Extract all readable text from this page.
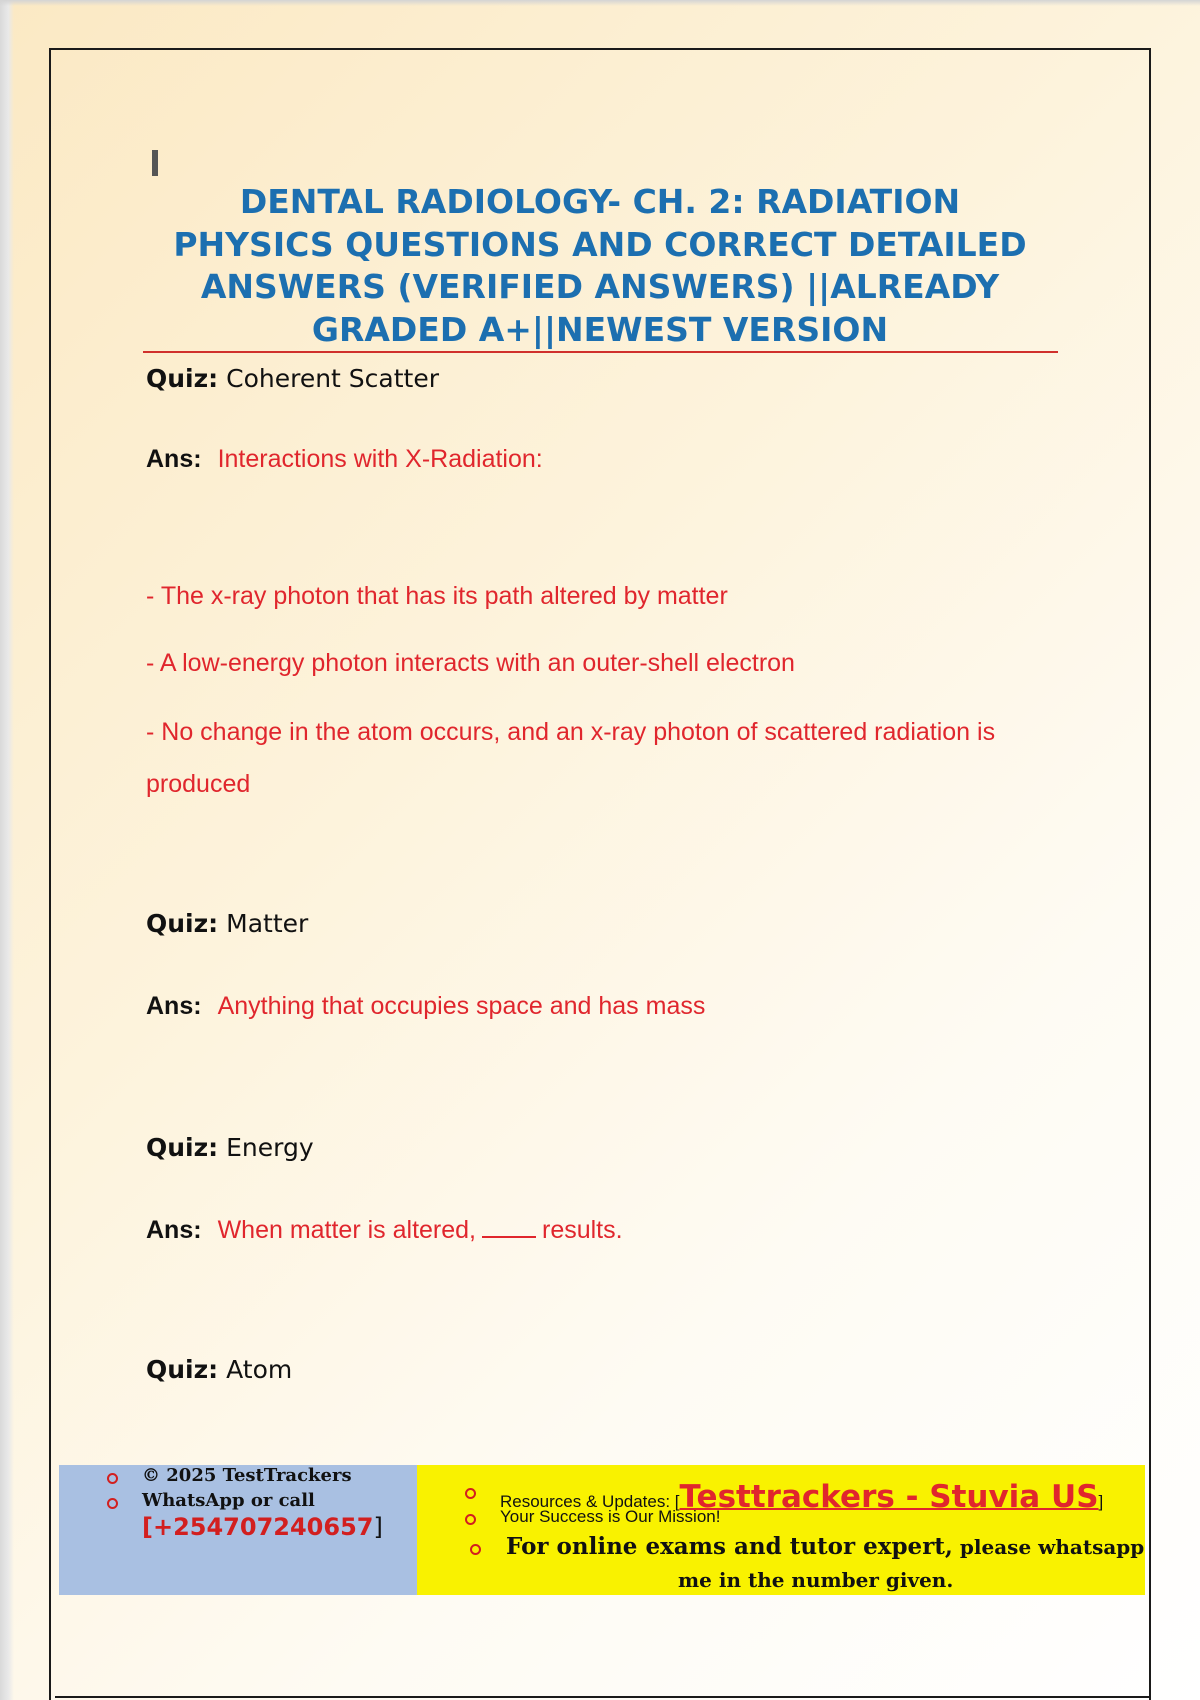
DENTAL RADIOLOGY- CH. 2: RADIATION
PHYSICS QUESTIONS AND CORRECT DETAILED
ANSWERS (VERIFIED ANSWERS) ||ALREADY
GRADED A+||NEWEST VERSION
Quiz: Coherent Scatter
Ans: Interactions with X-Radiation:
- The x-ray photon that has its path altered by matter
- A low-energy photon interacts with an outer-shell electron
- No change in the atom occurs, and an x-ray photon of scattered radiation is
produced
Quiz: Matter
Ans: Anything that occupies space and has mass
Quiz: Energy
Ans: When matter is altered,	results.
Quiz: Atom
© 2025 TestTrackers
WhatsApp or call
[+254707240657]
Resources & Updates: [Testtrackers - Stuvia US]
Your Success is Our Mission!
For online exams and tutor expert, please whatsapp
me in the number given.
